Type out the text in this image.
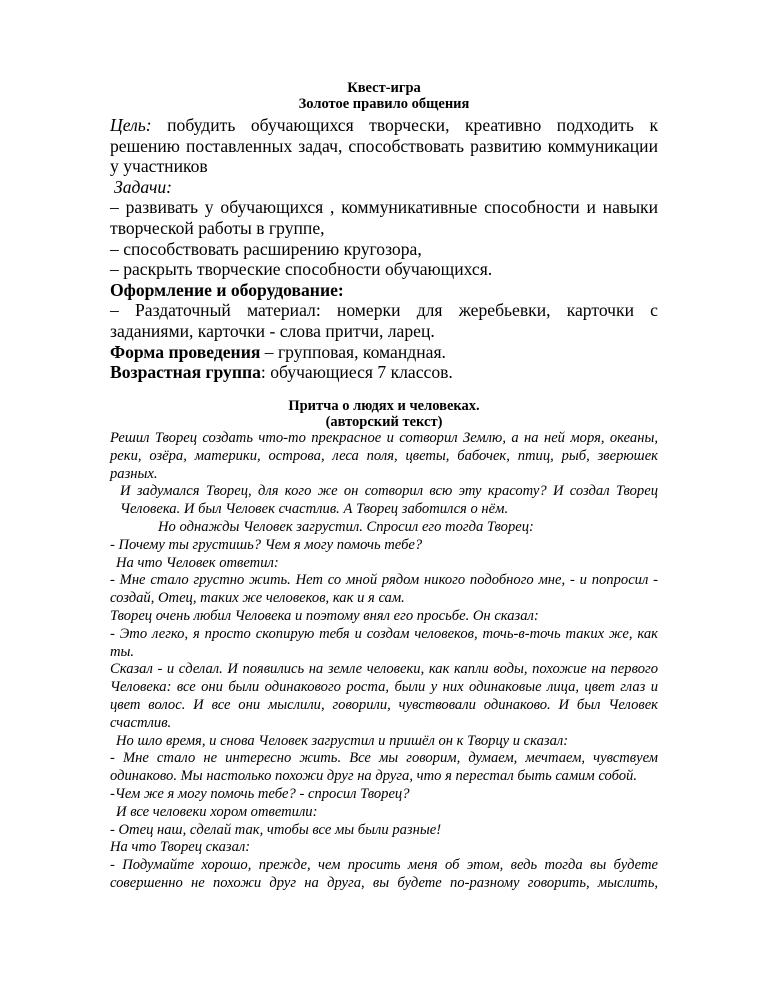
Квест-игра
Золотое правило общения

Цель: побудить обучающихся творчески, креативно подходить к решению поставленных задач, способствовать развитию коммуникации у участников

Задачи:

– развивать у обучающихся , коммуникативные способности и навыки творческой работы в группе,

– способствовать расширению кругозора,

– раскрыть творческие способности обучающихся.

Оформление и оборудование:

– Раздаточный материал: номерки для жеребьевки, карточки с заданиями, карточки - слова притчи, ларец.

Форма проведения – групповая, командная.

Возрастная группа: обучающиеся 7 классов.

Притча о людях и человеках.
(авторский текст)

Решил Творец создать что-то прекрасное и сотворил Землю, а на ней моря, океаны, реки, озёра, материки, острова, леса поля, цветы, бабочек, птиц, рыб, зверюшек разных.

И задумался Творец, для кого же он сотворил всю эту красоту? И создал Творец Человека. И был Человек счастлив. А Творец заботился о нём.

Но однажды Человек загрустил. Спросил его тогда Творец:

- Почему ты грустишь? Чем я могу помочь тебе?

На что Человек ответил:

- Мне стало грустно жить. Нет со мной рядом никого подобного мне, - и попросил - создай, Отец, таких же человеков, как и я сам.

Творец очень любил Человека и поэтому внял его просьбе. Он сказал:

- Это легко, я просто скопирую тебя и создам человеков, точь-в-точь таких же, как ты.

Сказал - и сделал. И появились на земле человеки, как капли воды, похожие на первого Человека: все они были одинакового роста, были у них одинаковые лица, цвет глаз и цвет волос. И все они мыслили, говорили, чувствовали одинаково. И был Человек счастлив.

Но шло время, и снова Человек загрустил и пришёл он к Творцу и сказал:

- Мне стало не интересно жить. Все мы говорим, думаем, мечтаем, чувствуем одинаково. Мы настолько похожи друг на друга, что я перестал быть самим собой.

-Чем же я могу помочь тебе? - спросил Творец?

И все человеки хором ответили:

- Отец наш, сделай так, чтобы все мы были разные!

На что Творец сказал:

- Подумайте хорошо, прежде, чем просить меня об этом, ведь тогда вы будете совершенно не похожи друг на друга, вы будете по-разному говорить, мыслить,
